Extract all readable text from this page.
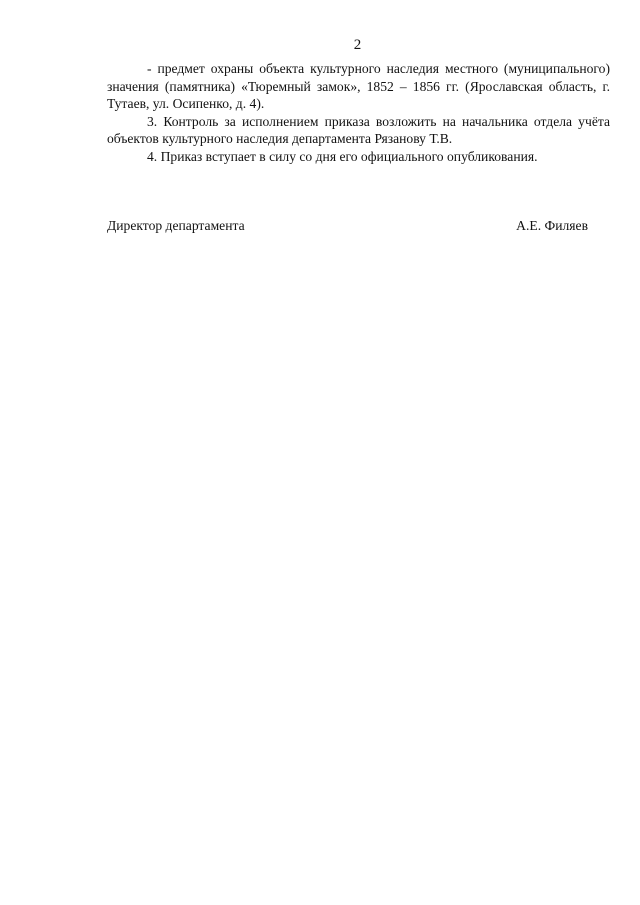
2

- предмет охраны объекта культурного наследия местного (муниципального) значения (памятника) «Тюремный замок», 1852 – 1856 гг. (Ярославская область, г. Тутаев, ул. Осипенко, д. 4).

3. Контроль за исполнением приказа возложить на начальника отдела учёта объектов культурного наследия департамента Рязанову Т.В.

4. Приказ вступает в силу со дня его официального опубликования.

Директор департамента	А.Е. Филяев
